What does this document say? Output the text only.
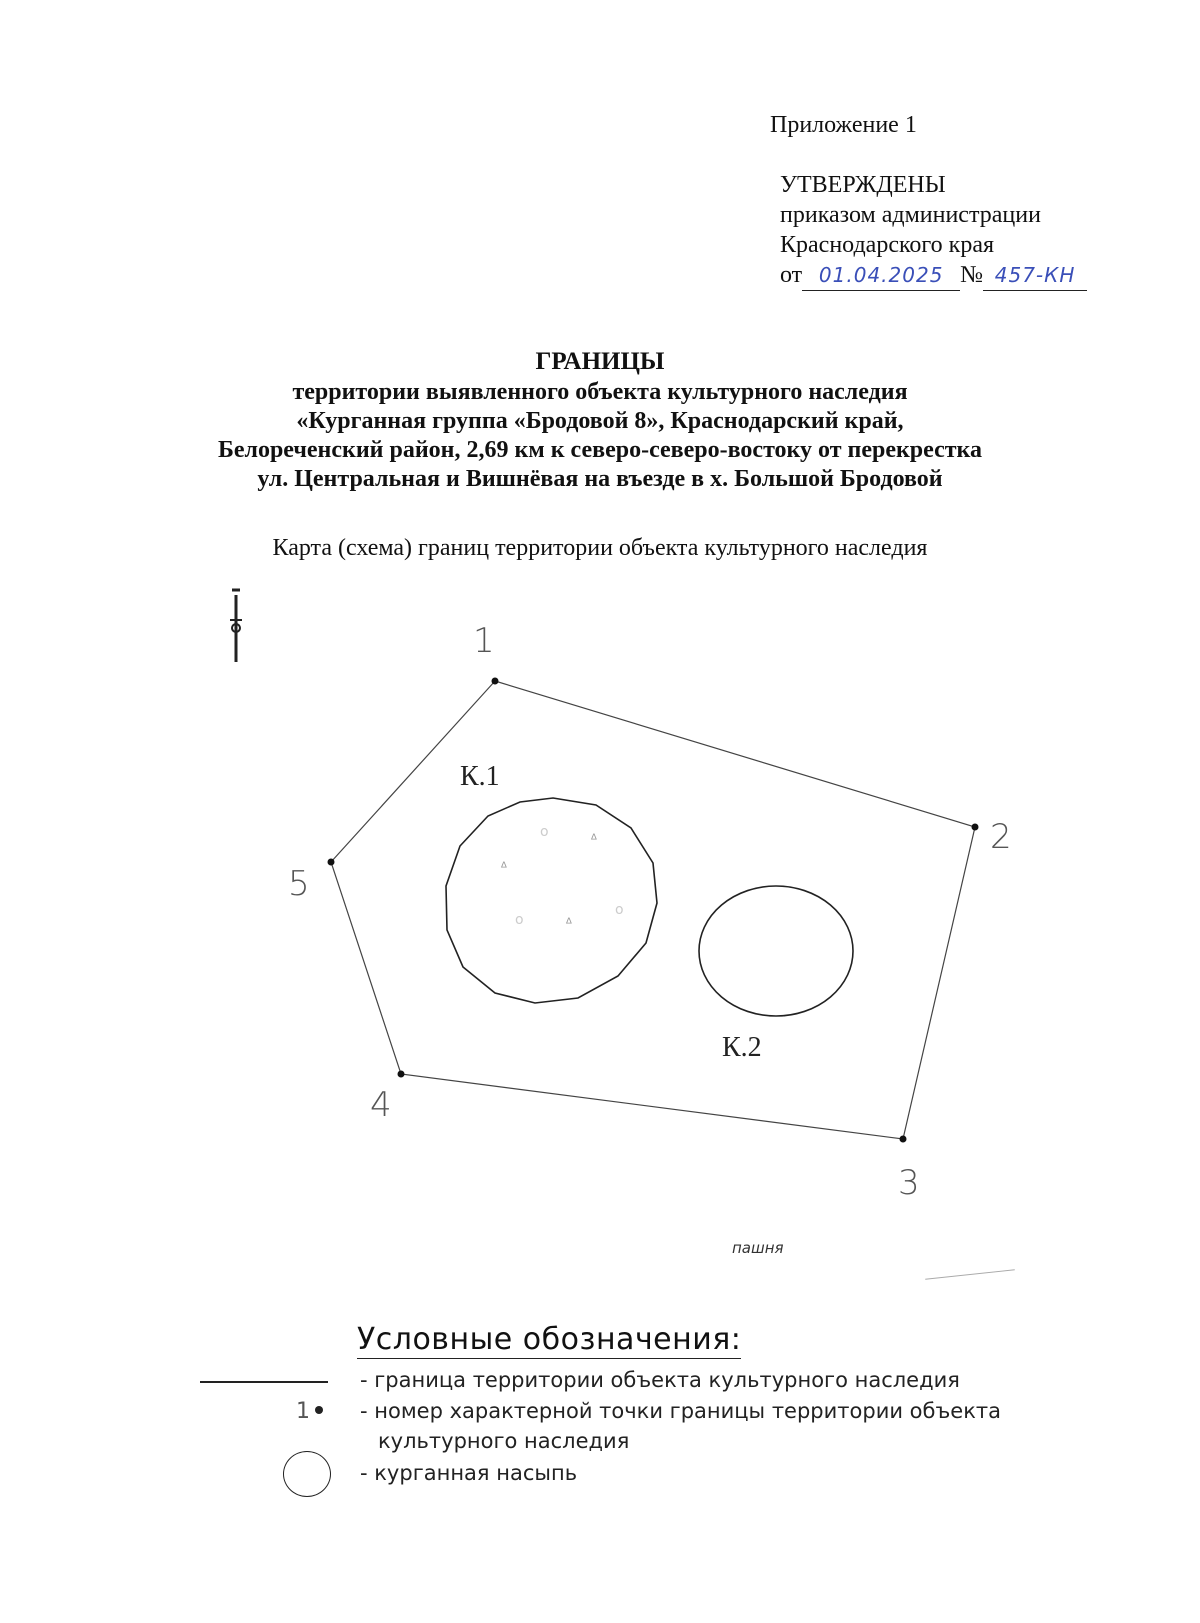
Приложение 1
УТВЕРЖДЕНЫ
приказом администрации
Краснодарского края
от 01.04.2025 № 457-КН
ГРАНИЦЫ
территории выявленного объекта культурного наследия
«Курганная группа «Бродовой 8», Краснодарский край,
Белореченский район, 2,69 км к северо-северо-востоку от перекрестка
ул. Центральная и Вишнёвая на въезде в х. Большой Бродовой
Карта (схема) границ территории объекта культурного наследия
1
2
3
4
5
o	ᐞ
ᐞ
o	ᐞ
o
К.1
К.2
пашня
Условные обозначения:
- граница территории объекта культурного наследия
1	- номер характерной точки границы территории объекта
культурного наследия
- курганная насыпь
